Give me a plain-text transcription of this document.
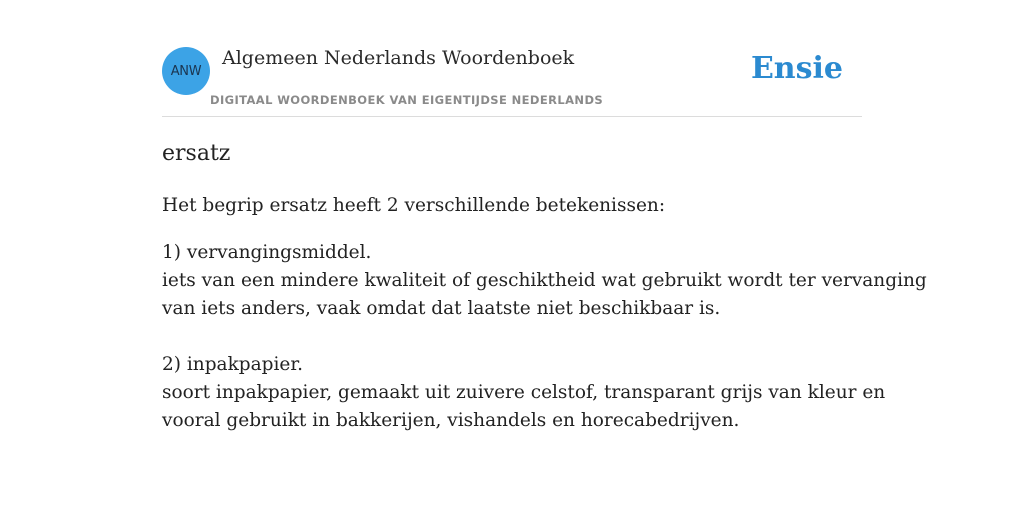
ANW
Algemeen Nederlands Woordenboek
DIGITAAL WOORDENBOEK VAN EIGENTIJDSE NEDERLANDS
Ensie
ersatz
Het begrip ersatz heeft 2 verschillende betekenissen:
1) vervangingsmiddel.
iets van een mindere kwaliteit of geschiktheid wat gebruikt wordt ter vervanging
van iets anders, vaak omdat dat laatste niet beschikbaar is.
2) inpakpapier.
soort inpakpapier, gemaakt uit zuivere celstof, transparant grijs van kleur en
vooral gebruikt in bakkerijen, vishandels en horecabedrijven.
